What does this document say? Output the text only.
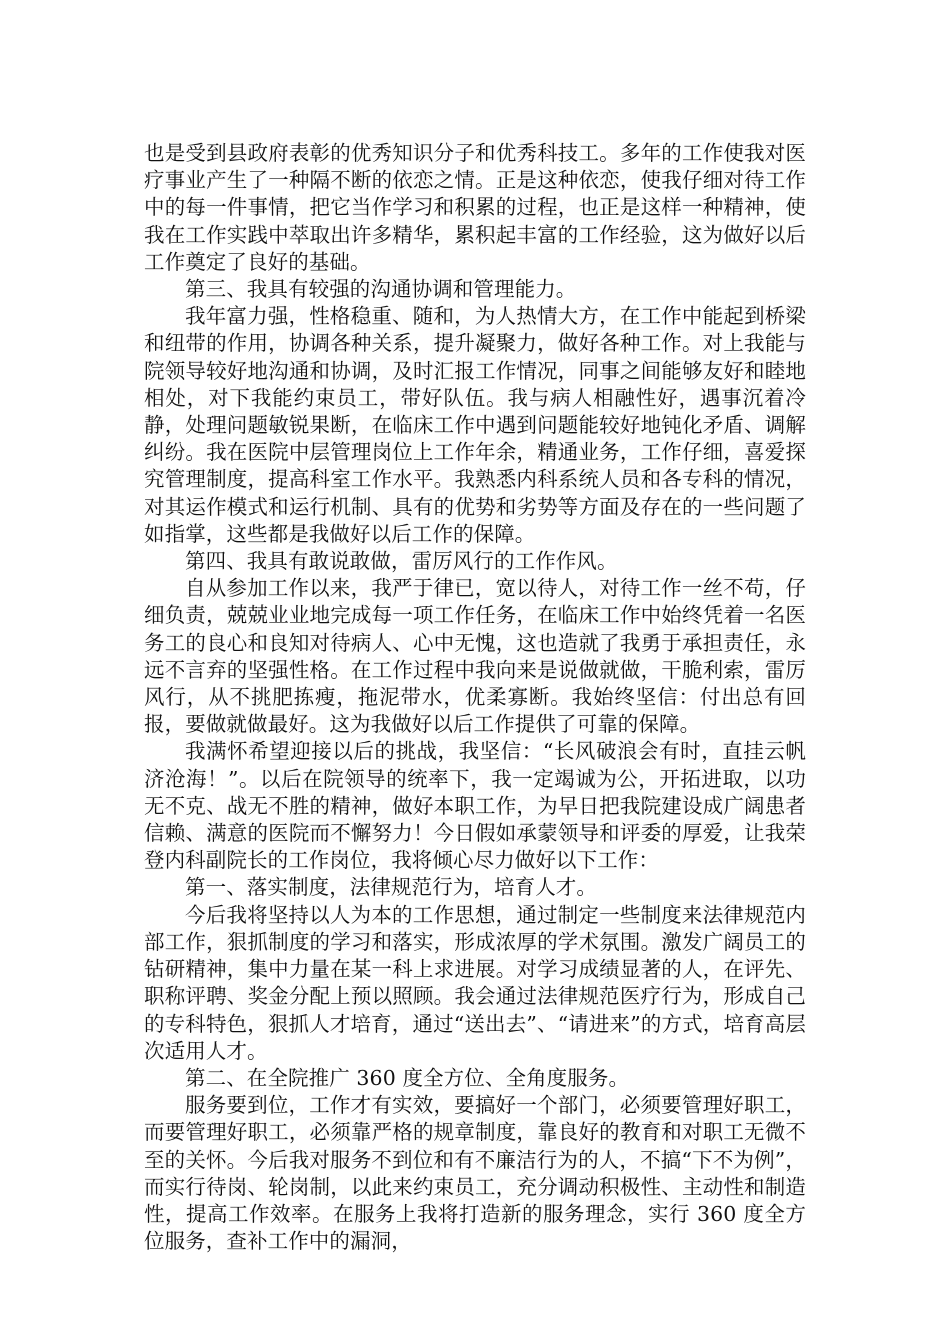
也是受到县政府表彰的优秀知识分子和优秀科技工。多年的工作使我对医疗事业产生了一种隔不断的依恋之情。正是这种依恋，使我仔细对待工作中的每一件事情，把它当作学习和积累的过程，也正是这样一种精神，使我在工作实践中萃取出许多精华，累积起丰富的工作经验，这为做好以后工作奠定了良好的基础。

第三、我具有较强的沟通协调和管理能力。

我年富力强，性格稳重、随和，为人热情大方，在工作中能起到桥梁和纽带的作用，协调各种关系，提升凝聚力，做好各种工作。对上我能与院领导较好地沟通和协调，及时汇报工作情况，同事之间能够友好和睦地相处，对下我能约束员工，带好队伍。我与病人相融性好，遇事沉着冷静，处理问题敏锐果断，在临床工作中遇到问题能较好地钝化矛盾、调解纠纷。我在医院中层管理岗位上工作年余，精通业务，工作仔细，喜爱探究管理制度，提高科室工作水平。我熟悉内科系统人员和各专科的情况，对其运作模式和运行机制、具有的优势和劣势等方面及存在的一些问题了如指掌，这些都是我做好以后工作的保障。

第四、我具有敢说敢做，雷厉风行的工作作风。

自从参加工作以来，我严于律已，宽以待人，对待工作一丝不苟，仔细负责，兢兢业业地完成每一项工作任务，在临床工作中始终凭着一名医务工的良心和良知对待病人、心中无愧，这也造就了我勇于承担责任，永远不言弃的坚强性格。在工作过程中我向来是说做就做，干脆利索，雷厉风行，从不挑肥拣瘦，拖泥带水，优柔寡断。我始终坚信：付出总有回报，要做就做最好。这为我做好以后工作提供了可靠的保障。

我满怀希望迎接以后的挑战，我坚信：“长风破浪会有时，直挂云帆济沧海！”。以后在院领导的统率下，我一定竭诚为公，开拓进取，以功无不克、战无不胜的精神，做好本职工作，为早日把我院建设成广阔患者信赖、满意的医院而不懈努力！今日假如承蒙领导和评委的厚爱，让我荣登内科副院长的工作岗位，我将倾心尽力做好以下工作：

第一、落实制度，法律规范行为，培育人才。

今后我将坚持以人为本的工作思想，通过制定一些制度来法律规范内部工作，狠抓制度的学习和落实，形成浓厚的学术氛围。激发广阔员工的钻研精神，集中力量在某一科上求进展。对学习成绩显著的人，在评先、职称评聘、奖金分配上预以照顾。我会通过法律规范医疗行为，形成自己的专科特色，狠抓人才培育，通过“送出去”、“请进来”的方式，培育高层次适用人才。

第二、在全院推广 360 度全方位、全角度服务。

服务要到位，工作才有实效，要搞好一个部门，必须要管理好职工，而要管理好职工，必须靠严格的规章制度，靠良好的教育和对职工无微不至的关怀。今后我对服务不到位和有不廉洁行为的人，不搞“下不为例”，而实行待岗、轮岗制，以此来约束员工，充分调动积极性、主动性和制造性，提高工作效率。在服务上我将打造新的服务理念，实行 360 度全方位服务，查补工作中的漏洞，
